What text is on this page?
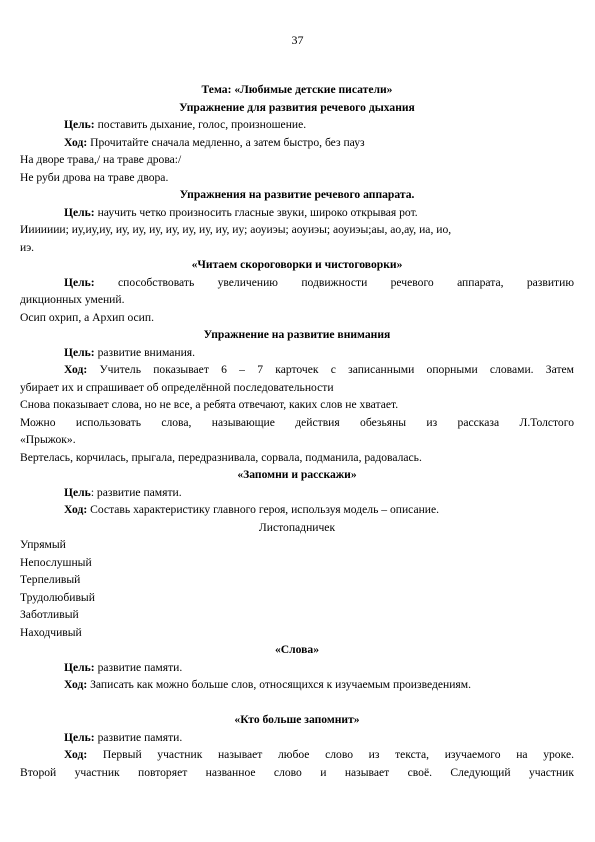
37
Тема: «Любимые детские писатели»
Упражнение для развития речевого дыхания
Цель: поставить дыхание, голос, произношение.
Ход: Прочитайте сначала медленно, а затем быстро, без пауз
На дворе трава,/ на траве дрова:/
Не руби дрова на траве двора.
Упражнения на развитие речевого аппарата.
Цель: научить четко произносить гласные звуки, широко открывая рот.
Иииииии; иу,иу,иу, иу, иу, иу, иу, иу, иу, иу, иу; аоуиэы; аоуиэы; аоуиэы;аы, ао,ау, иа, ио,
иэ.
«Читаем скороговорки и чистоговорки»
Цель: способствовать увеличению подвижности речевого аппарата, развитию
дикционных умений.
Осип охрип, а Архип осип.
Упражнение на развитие внимания
Цель: развитие внимания.
Ход: Учитель показывает 6 – 7 карточек с записанными опорными словами. Затем
убирает их и спрашивает об определённой последовательности
Снова показывает слова, но не все, а ребята отвечают, каких слов не хватает.
Можно использовать слова, называющие действия обезьяны из рассказа Л.Толстого
«Прыжок».
Вертелась, корчилась, прыгала, передразнивала, сорвала, подманила, радовалась.
«Запомни и расскажи»
Цель: развитие памяти.
Ход: Составь характеристику главного героя, используя модель – описание.
Листопадничек
Упрямый
Непослушный
Терпеливый
Трудолюбивый
Заботливый
Находчивый
«Слова»
Цель: развитие памяти.
Ход: Записать как можно больше слов, относящихся к изучаемым произведениям.
«Кто больше запомнит»
Цель: развитие памяти.
Ход: Первый участник называет любое слово из текста, изучаемого на уроке.
Второй участник повторяет названное слово и называет своё. Следующий участник
